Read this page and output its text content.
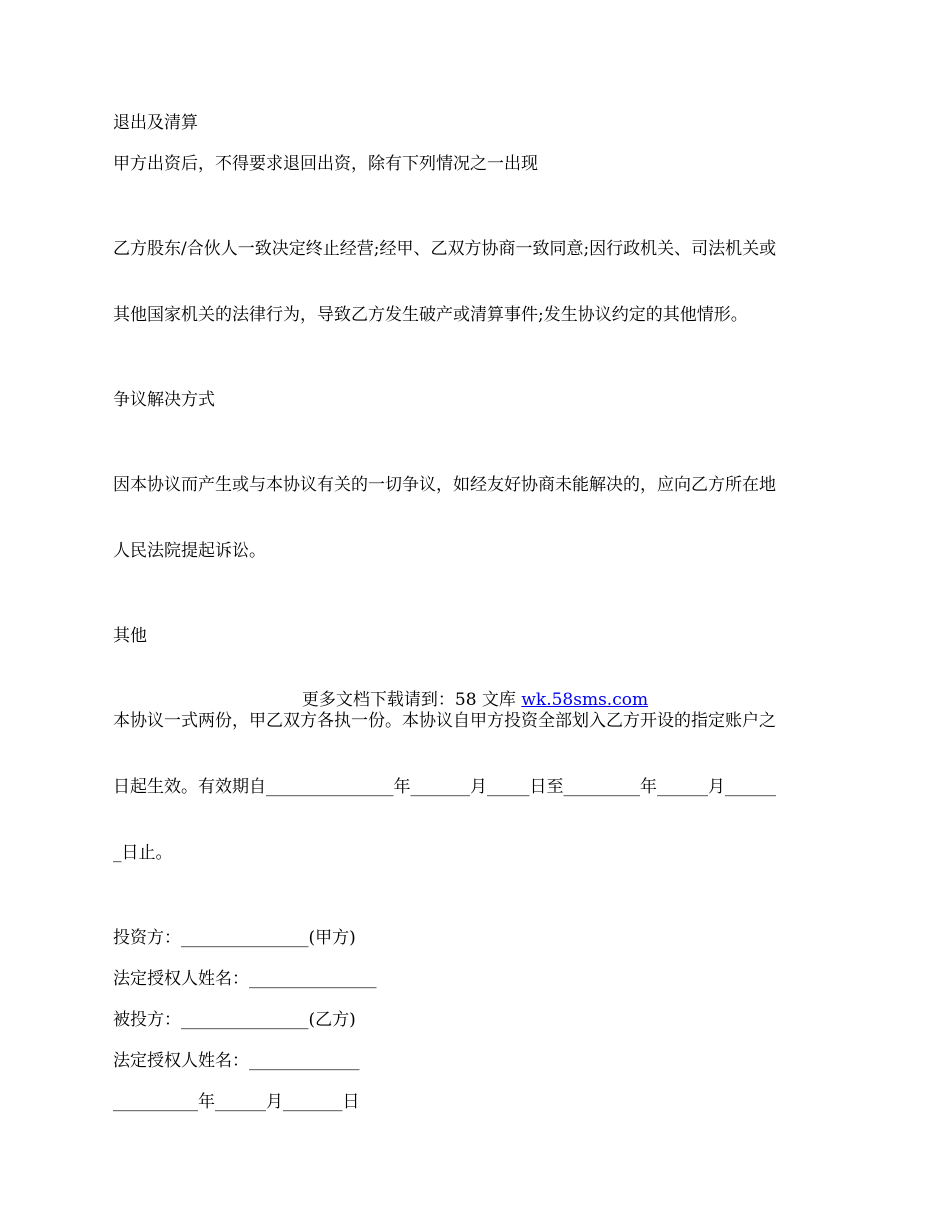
退出及清算

甲方出资后，不得要求退回出资，除有下列情况之一出现

乙方股东/合伙人一致决定终止经营;经甲、乙双方协商一致同意;因行政机关、司法机关或

其他国家机关的法律行为，导致乙方发生破产或清算事件;发生协议约定的其他情形。

争议解决方式

因本协议而产生或与本协议有关的一切争议，如经友好协商未能解决的，应向乙方所在地

人民法院提起诉讼。

其他

本协议一式两份，甲乙双方各执一份。本协议自甲方投资全部划入乙方开设的指定账户之

日起生效。有效期自_______________年_______月_____日至_________年______月______

_日止。

投资方：_______________(甲方)

法定授权人姓名：_______________

被投方：_______________(乙方)

法定授权人姓名：_____________

__________年______月_______日

更多文档下载请到：58 文库 wk.58sms.com
